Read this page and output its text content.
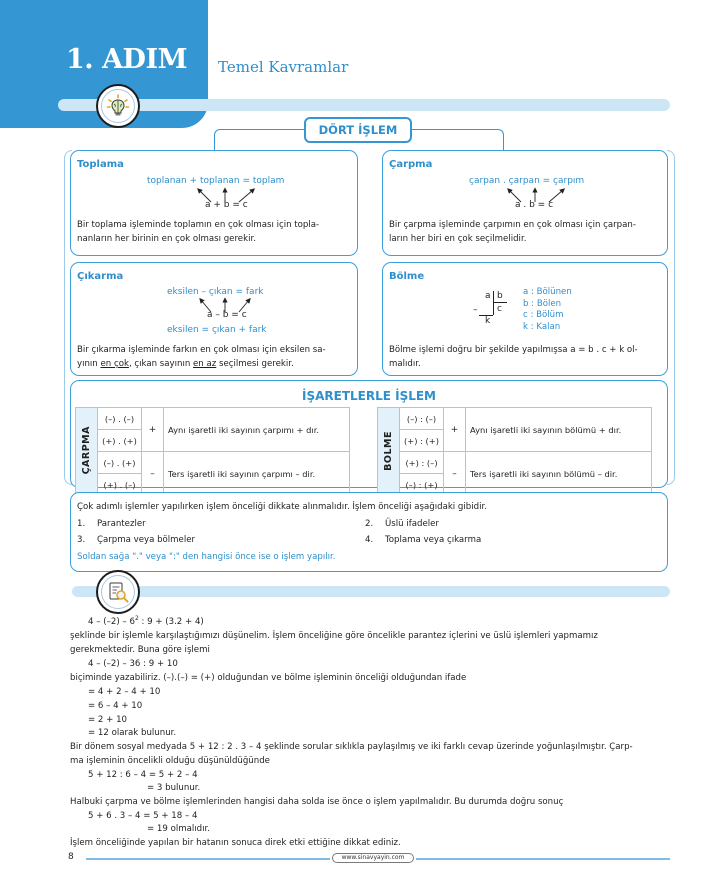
1. ADIM Temel Kavramlar
DÖRT İŞLEM
Toplama
toplanan + toplanan = toplam
a + b = c
Bir toplama işleminde toplamın en çok olması için topla-
nanların her birinin en çok olması gerekir.
Çarpma
çarpan . çarpan = çarpım
a . b = c
Bir çarpma işleminde çarpımın en çok olması için çarpan-
ların her biri en çok seçilmelidir.
Çıkarma
eksilen – çıkan = fark
a – b = c
eksilen = çıkan + fark
Bir çıkarma işleminde farkın en çok olması için eksilen sa-
yının en çok, çıkan sayının en az seçilmesi gerekir.
Bölme
a b
c
–
k
a : Bölünen
b : Bölen
c : Bölüm
k : Kalan
Bölme işlemi doğru bir şekilde yapılmışsa a = b . c + k ol-
malıdır.
İŞARETLERLE İŞLEM
ÇARPMA	(–) . (–)	+	Aynı işaretli iki sayının çarpımı + dır.
	(+) . (+)		
	(–) . (+)	–	Ters işaretli iki sayının çarpımı – dir.
	(+) . (–)		
BÖLME	(–) : (–)	+	Aynı işaretli iki sayının bölümü + dır.
	(+) : (+)		
	(+) : (–)	–	Ters işaretli iki sayının bölümü – dir.
	(–) : (+)		
Çok adımlı işlemler yapılırken işlem önceliği dikkate alınmalıdır. İşlem önceliği aşağıdaki gibidir.
1. Parantezler	2. Üslü ifadeler
3. Çarpma veya bölmeler	4. Toplama veya çıkarma
Soldan sağa "." veya ":" den hangisi önce ise o işlem yapılır.
$4 - (-2) - 6^2$ : 9 + (3.2 + 4)
şeklinde bir işlemle karşılaştığımızı düşünelim. İşlem önceliğine göre öncelikle parantez içlerini ve üslü işlemleri yapmamız
gerekmektedir. Buna göre işlemi
4 – (–2) – 36 : 9 + 10
biçiminde yazabiliriz. (–).(–) = (+) olduğundan ve bölme işleminin önceliği olduğundan ifade
= 4 + 2 – 4 + 10
= 6 – 4 + 10
= 2 + 10
= 12 olarak bulunur.
Bir dönem sosyal medyada 5 + 12 : 2 . 3 – 4 şeklinde sorular sıklıkla paylaşılmış ve iki farklı cevap üzerinde yoğunlaşılmıştır. Çarp-
ma işleminin öncelikli olduğu düşünüldüğünde
5 + 12 : 6 – 4 = 5 + 2 – 4
= 3 bulunur.
Halbuki çarpma ve bölme işlemlerinden hangisi daha solda ise önce o işlem yapılmalıdır. Bu durumda doğru sonuç
5 + 6 . 3 – 4 = 5 + 18 – 4
= 19 olmalıdır.
İşlem önceliğinde yapılan bir hatanın sonuca direk etki ettiğine dikkat ediniz.
8	www.sinavyayin.com
